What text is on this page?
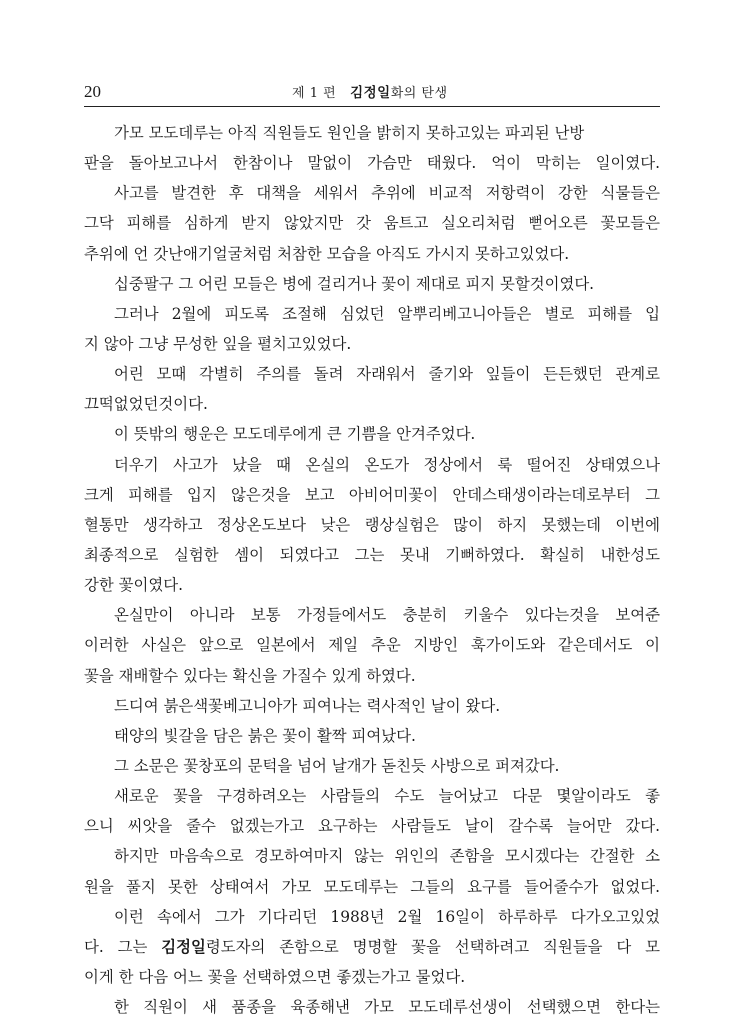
20	제 1 편 김정일화의 탄생
가모 모도데루는 아직 직원들도 원인을 밝히지 못하고있는 파괴된 난방
판을 돌아보고나서 한참이나 말없이 가슴만 태웠다. 억이 막히는 일이였다.
사고를 발견한 후 대책을 세워서 추위에 비교적 저항력이 강한 식물들은
그닥 피해를 심하게 받지 않았지만 갓 움트고 실오리처럼 뻗어오른 꽃모들은
추위에 언 갓난애기얼굴처럼 처참한 모습을 아직도 가시지 못하고있었다.
십중팔구 그 어린 모들은 병에 걸리거나 꽃이 제대로 피지 못할것이였다.
그러나 2월에 피도록 조절해 심었던 알뿌리베고니아들은 별로 피해를 입
지 않아 그냥 무성한 잎을 펼치고있었다.
어린 모때 각별히 주의를 돌려 자래워서 줄기와 잎들이 든든했던 관계로
끄떡없었던것이다.
이 뜻밖의 행운은 모도데루에게 큰 기쁨을 안겨주었다.
더우기 사고가 났을 때 온실의 온도가 정상에서 룩 떨어진 상태였으나
크게 피해를 입지 않은것을 보고 아비어미꽃이 안데스태생이라는데로부터 그
혈통만 생각하고 정상온도보다 낮은 랭상실험은 많이 하지 못했는데 이번에
최종적으로 실험한 셈이 되였다고 그는 못내 기뻐하였다. 확실히 내한성도
강한 꽃이였다.
온실만이 아니라 보통 가정들에서도 충분히 키울수 있다는것을 보여준
이러한 사실은 앞으로 일본에서 제일 추운 지방인 훅가이도와 같은데서도 이
꽃을 재배할수 있다는 확신을 가질수 있게 하였다.
드디여 붉은색꽃베고니아가 피여나는 력사적인 날이 왔다.
태양의 빛갈을 담은 붉은 꽃이 활짝 피여났다.
그 소문은 꽃창포의 문턱을 넘어 날개가 돋친듯 사방으로 퍼져갔다.
새로운 꽃을 구경하려오는 사람들의 수도 늘어났고 다문 몇알이라도 좋
으니 씨앗을 줄수 없겠는가고 요구하는 사람들도 날이 갈수록 늘어만 갔다.
하지만 마음속으로 경모하여마지 않는 위인의 존함을 모시겠다는 간절한 소
원을 풀지 못한 상태여서 가모 모도데루는 그들의 요구를 들어줄수가 없었다.
이런 속에서 그가 기다리던 1988년 2월 16일이 하루하루 다가오고있었
다. 그는 김정일령도자의 존함으로 명명할 꽃을 선택하려고 직원들을 다 모
이게 한 다음 어느 꽃을 선택하였으면 좋겠는가고 물었다.
한 직원이 새 품종을 육종해낸 가모 모도데루선생이 선택했으면 한다는
